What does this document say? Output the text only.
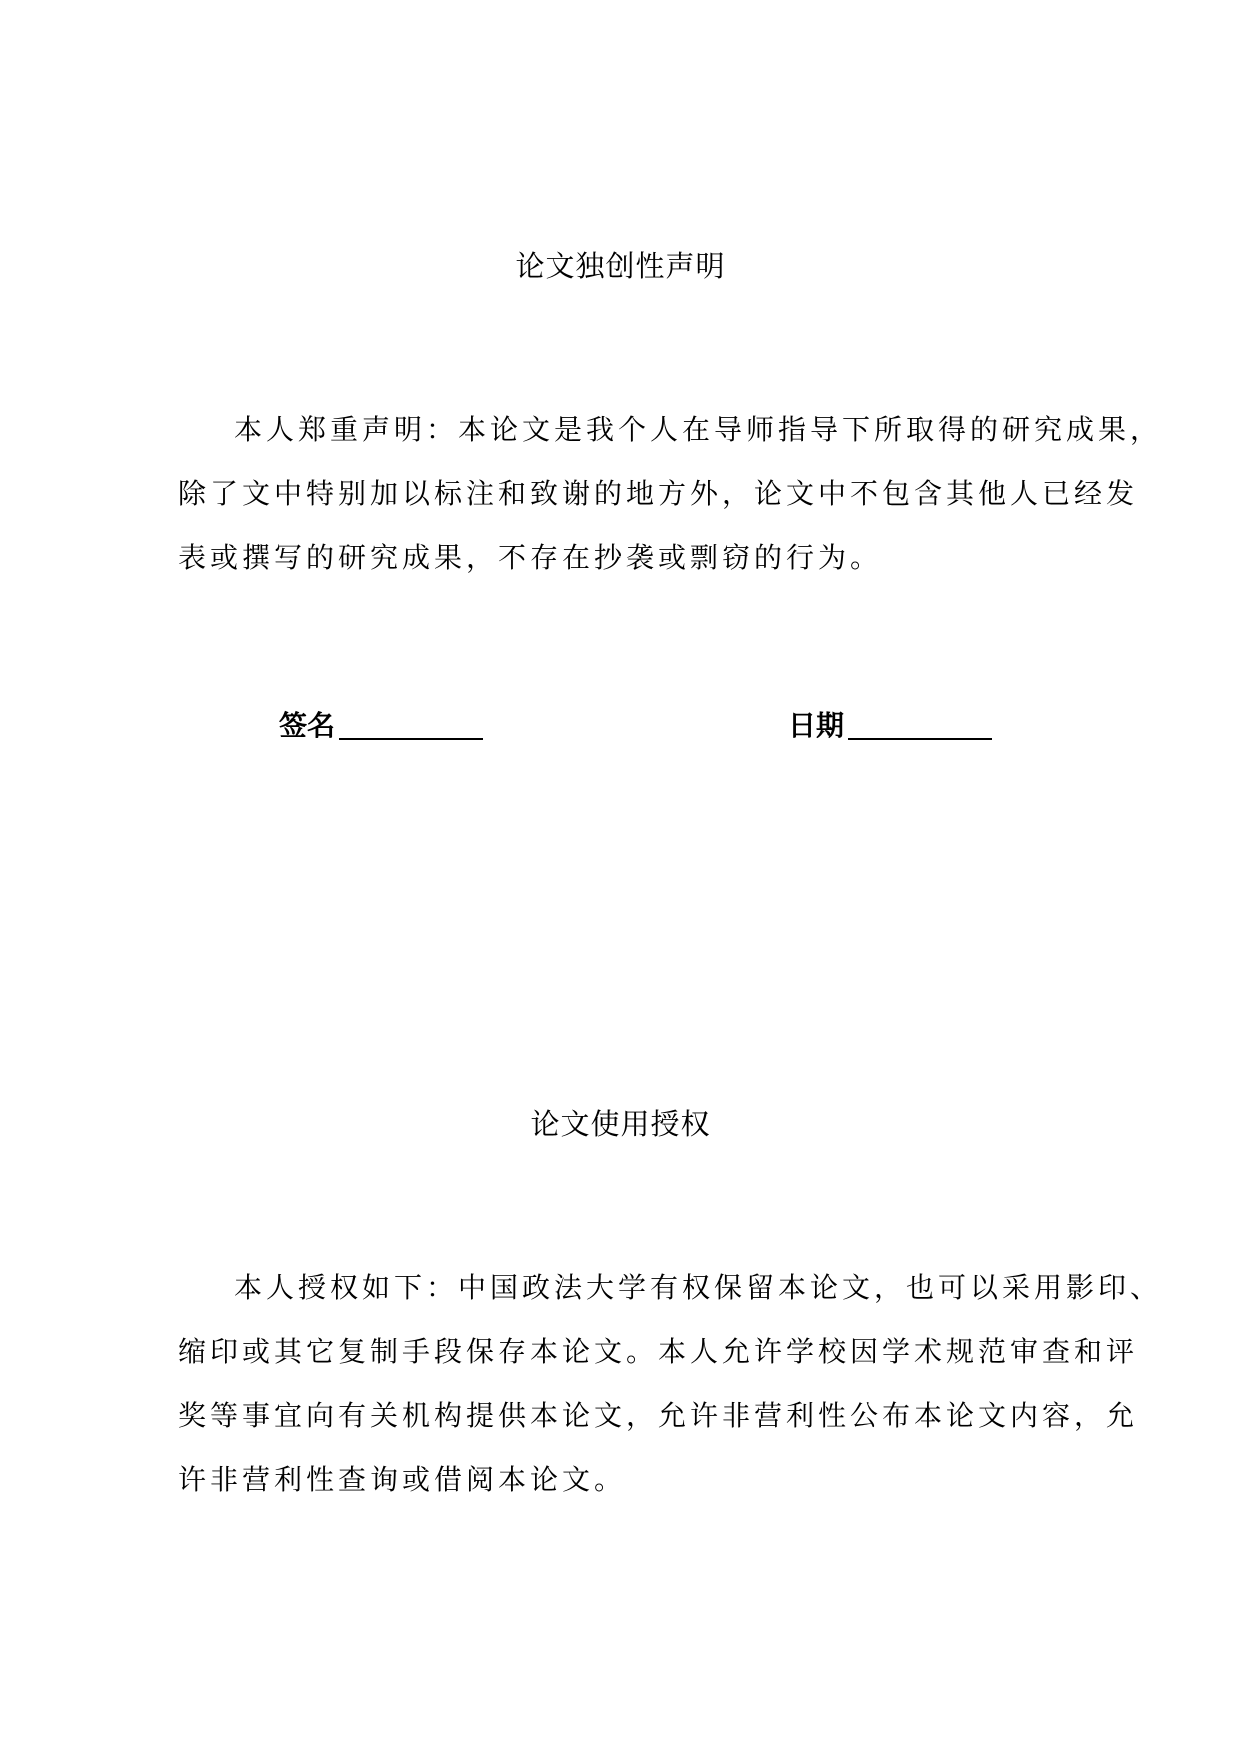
论文独创性声明
本人郑重声明：本论文是我个人在导师指导下所取得的研究成果，
除了文中特别加以标注和致谢的地方外，论文中不包含其他人已经发
表或撰写的研究成果，不存在抄袭或剽窃的行为。
签名	日期
论文使用授权
本人授权如下：中国政法大学有权保留本论文，也可以采用影印、
缩印或其它复制手段保存本论文。本人允许学校因学术规范审查和评
奖等事宜向有关机构提供本论文，允许非营利性公布本论文内容，允
许非营利性查询或借阅本论文。
